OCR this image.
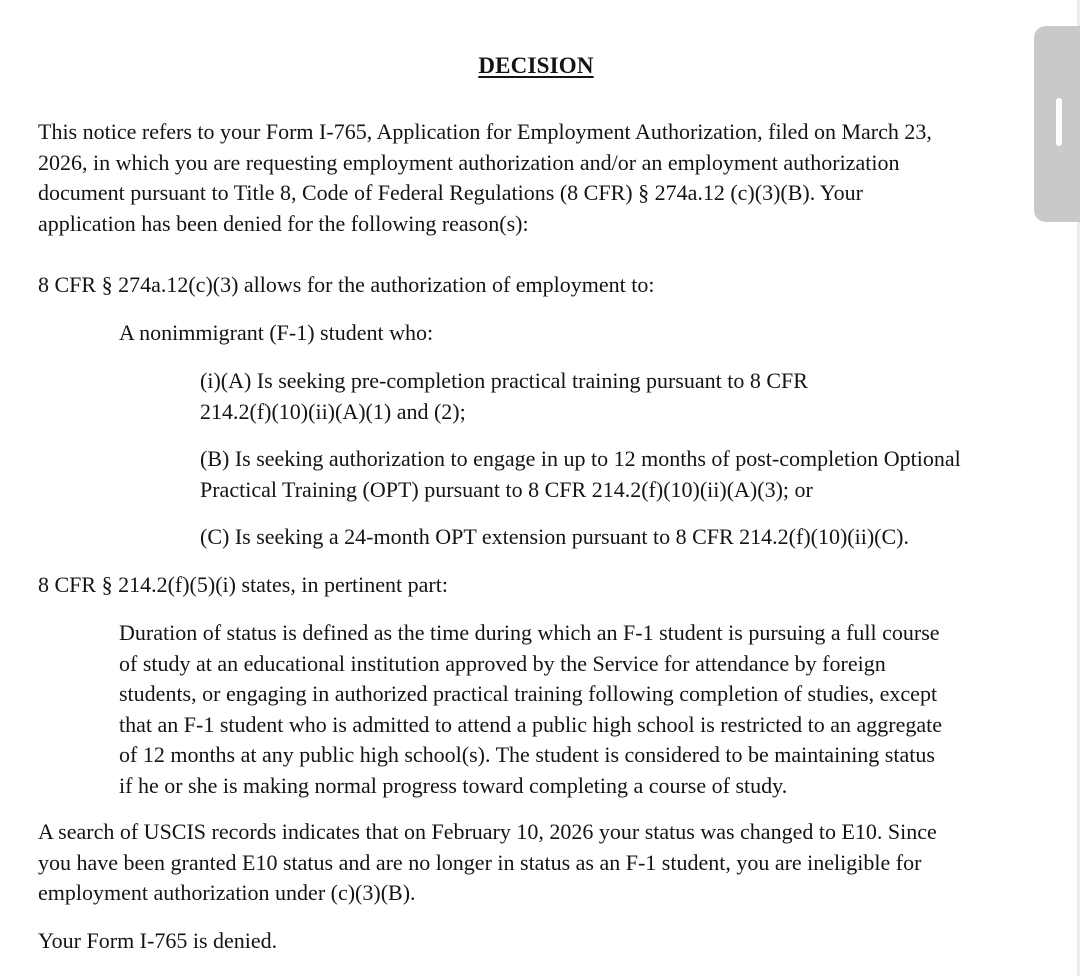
DECISION
This notice refers to your Form I-765, Application for Employment Authorization, filed on March 23,
2026, in which you are requesting employment authorization and/or an employment authorization
document pursuant to Title 8, Code of Federal Regulations (8 CFR) § 274a.12 (c)(3)(B). Your
application has been denied for the following reason(s):
8 CFR § 274a.12(c)(3) allows for the authorization of employment to:
A nonimmigrant (F-1) student who:
(i)(A) Is seeking pre-completion practical training pursuant to 8 CFR
214.2(f)(10)(ii)(A)(1) and (2);
(B) Is seeking authorization to engage in up to 12 months of post-completion Optional
Practical Training (OPT) pursuant to 8 CFR 214.2(f)(10)(ii)(A)(3); or
(C) Is seeking a 24-month OPT extension pursuant to 8 CFR 214.2(f)(10)(ii)(C).
8 CFR § 214.2(f)(5)(i) states, in pertinent part:
Duration of status is defined as the time during which an F-1 student is pursuing a full course
of study at an educational institution approved by the Service for attendance by foreign
students, or engaging in authorized practical training following completion of studies, except
that an F-1 student who is admitted to attend a public high school is restricted to an aggregate
of 12 months at any public high school(s). The student is considered to be maintaining status
if he or she is making normal progress toward completing a course of study.
A search of USCIS records indicates that on February 10, 2026 your status was changed to E10. Since
you have been granted E10 status and are no longer in status as an F-1 student, you are ineligible for
employment authorization under (c)(3)(B).
Your Form I-765 is denied.
